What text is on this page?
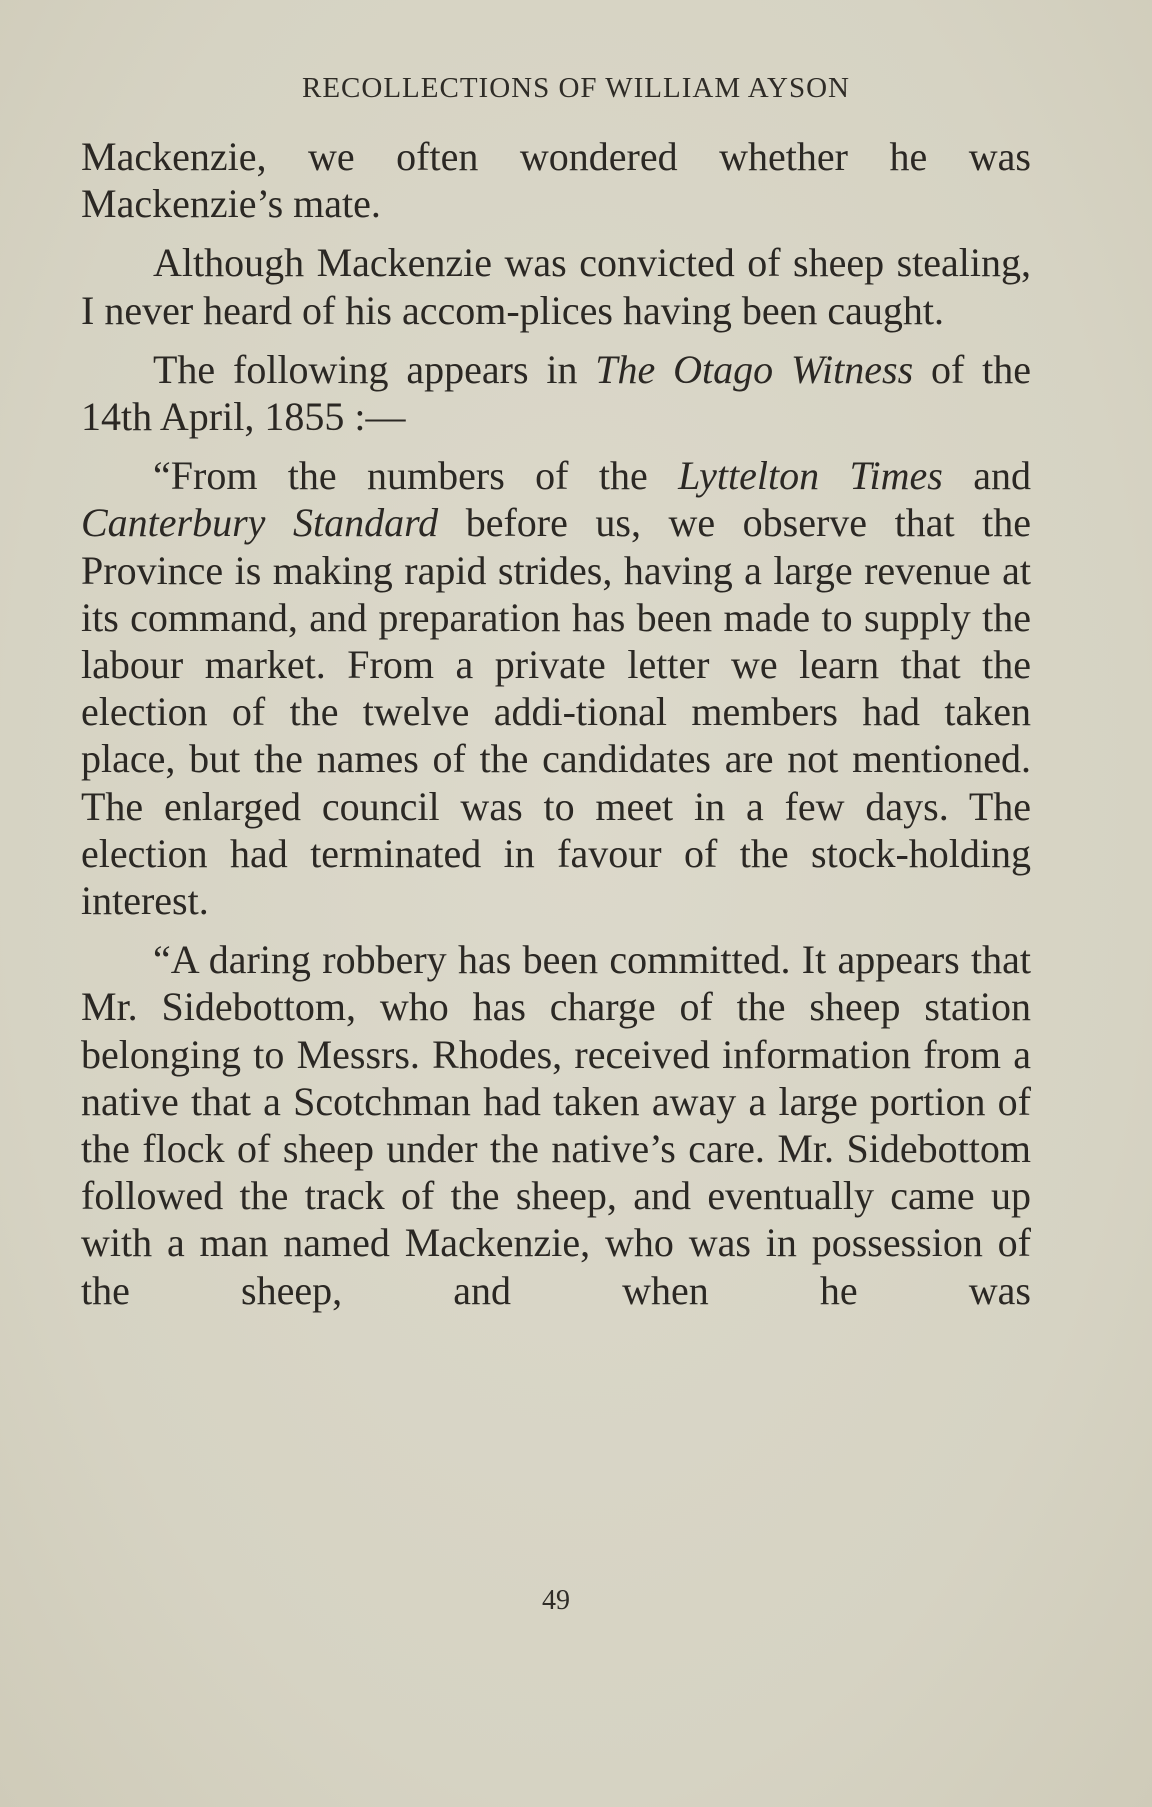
RECOLLECTIONS OF WILLIAM AYSON

Mackenzie, we often wondered whether he was Mackenzie’s mate.

Although Mackenzie was convicted of sheep stealing, I never heard of his accom-plices having been caught.

The following appears in The Otago Witness of the 14th April, 1855 :—

“From the numbers of the Lyttelton Times and Canterbury Standard before us, we observe that the Province is making rapid strides, having a large revenue at its command, and preparation has been made to supply the labour market. From a private letter we learn that the election of the twelve addi-tional members had taken place, but the names of the candidates are not mentioned. The enlarged council was to meet in a few days. The election had terminated in favour of the stock-holding interest.

“A daring robbery has been committed. It appears that Mr. Sidebottom, who has charge of the sheep station belonging to Messrs. Rhodes, received information from a native that a Scotchman had taken away a large portion of the flock of sheep under the native’s care. Mr. Sidebottom followed the track of the sheep, and eventually came up with a man named Mackenzie, who was in possession of the sheep, and when he was

49
